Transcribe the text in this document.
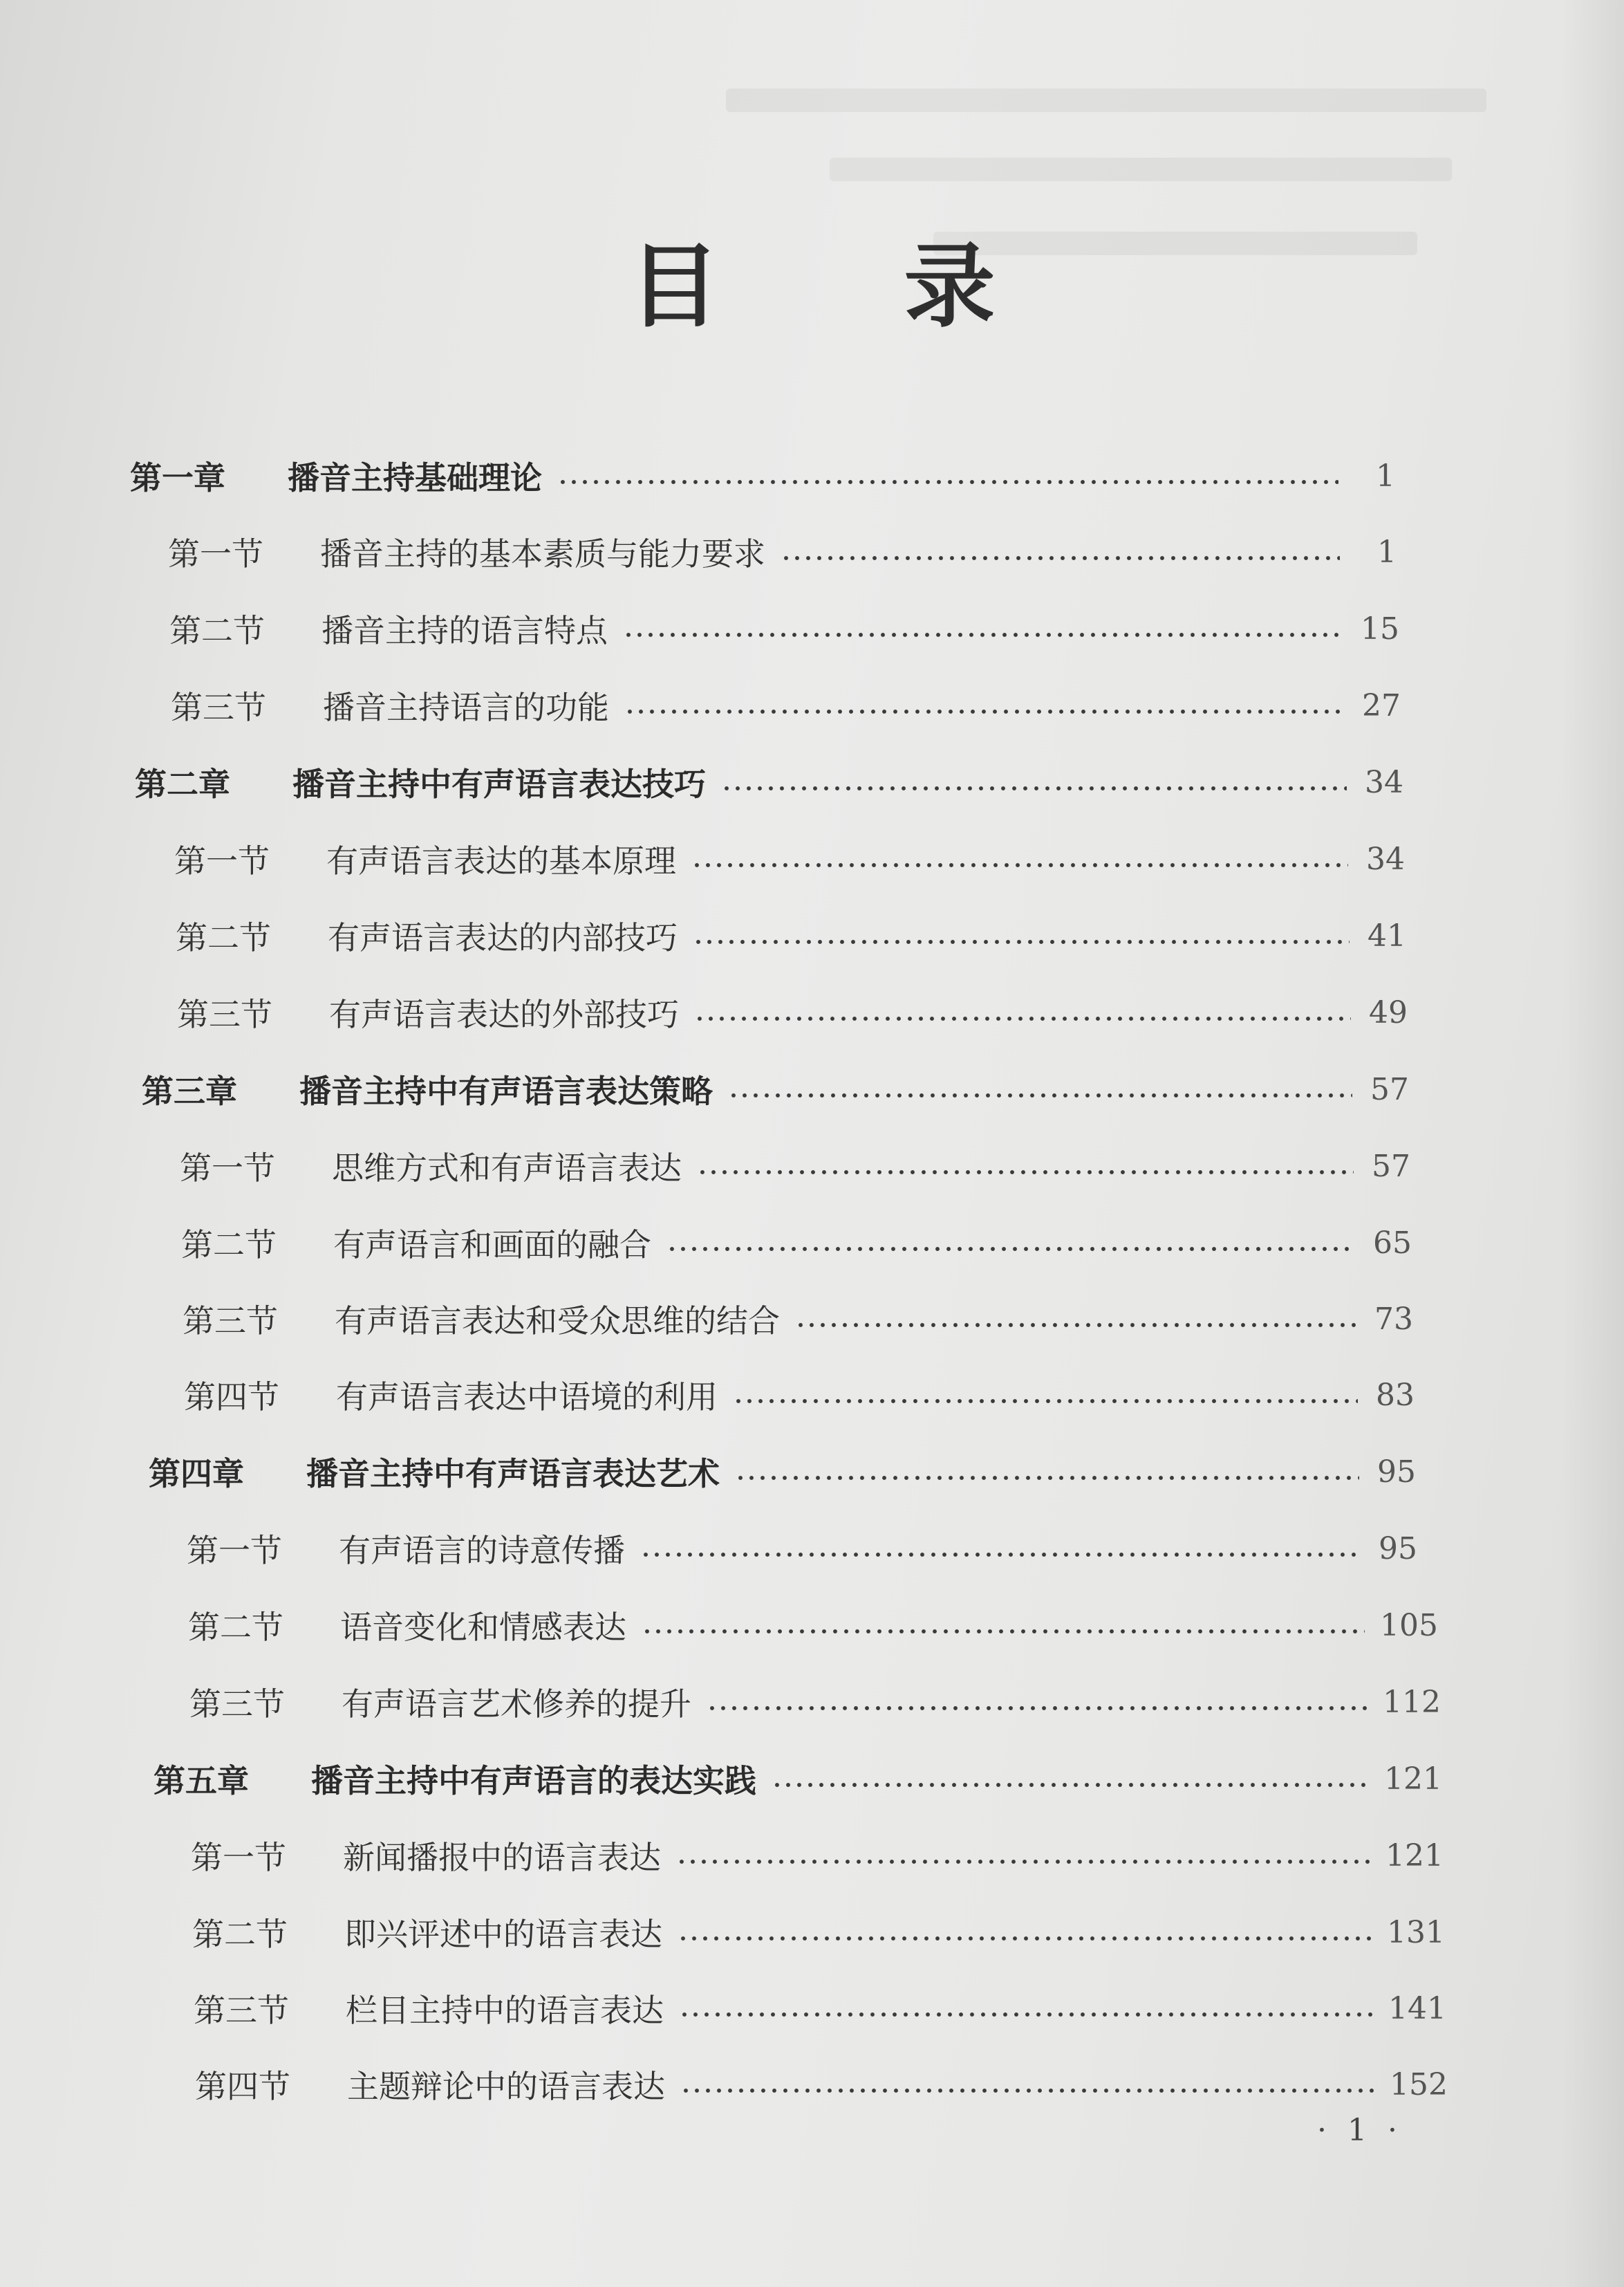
目 录
第一章	播音主持基础理论	1
第一节	播音主持的基本素质与能力要求	1
第二节	播音主持的语言特点	15
第三节	播音主持语言的功能	27
第二章	播音主持中有声语言表达技巧	34
第一节	有声语言表达的基本原理	34
第二节	有声语言表达的内部技巧	41
第三节	有声语言表达的外部技巧	49
第三章	播音主持中有声语言表达策略	57
第一节	思维方式和有声语言表达	57
第二节	有声语言和画面的融合	65
第三节	有声语言表达和受众思维的结合	73
第四节	有声语言表达中语境的利用	83
第四章	播音主持中有声语言表达艺术	95
第一节	有声语言的诗意传播	95
第二节	语音变化和情感表达	105
第三节	有声语言艺术修养的提升	112
第五章	播音主持中有声语言的表达实践	121
第一节	新闻播报中的语言表达	121
第二节	即兴评述中的语言表达	131
第三节	栏目主持中的语言表达	141
第四节	主题辩论中的语言表达	152
· 1 ·
